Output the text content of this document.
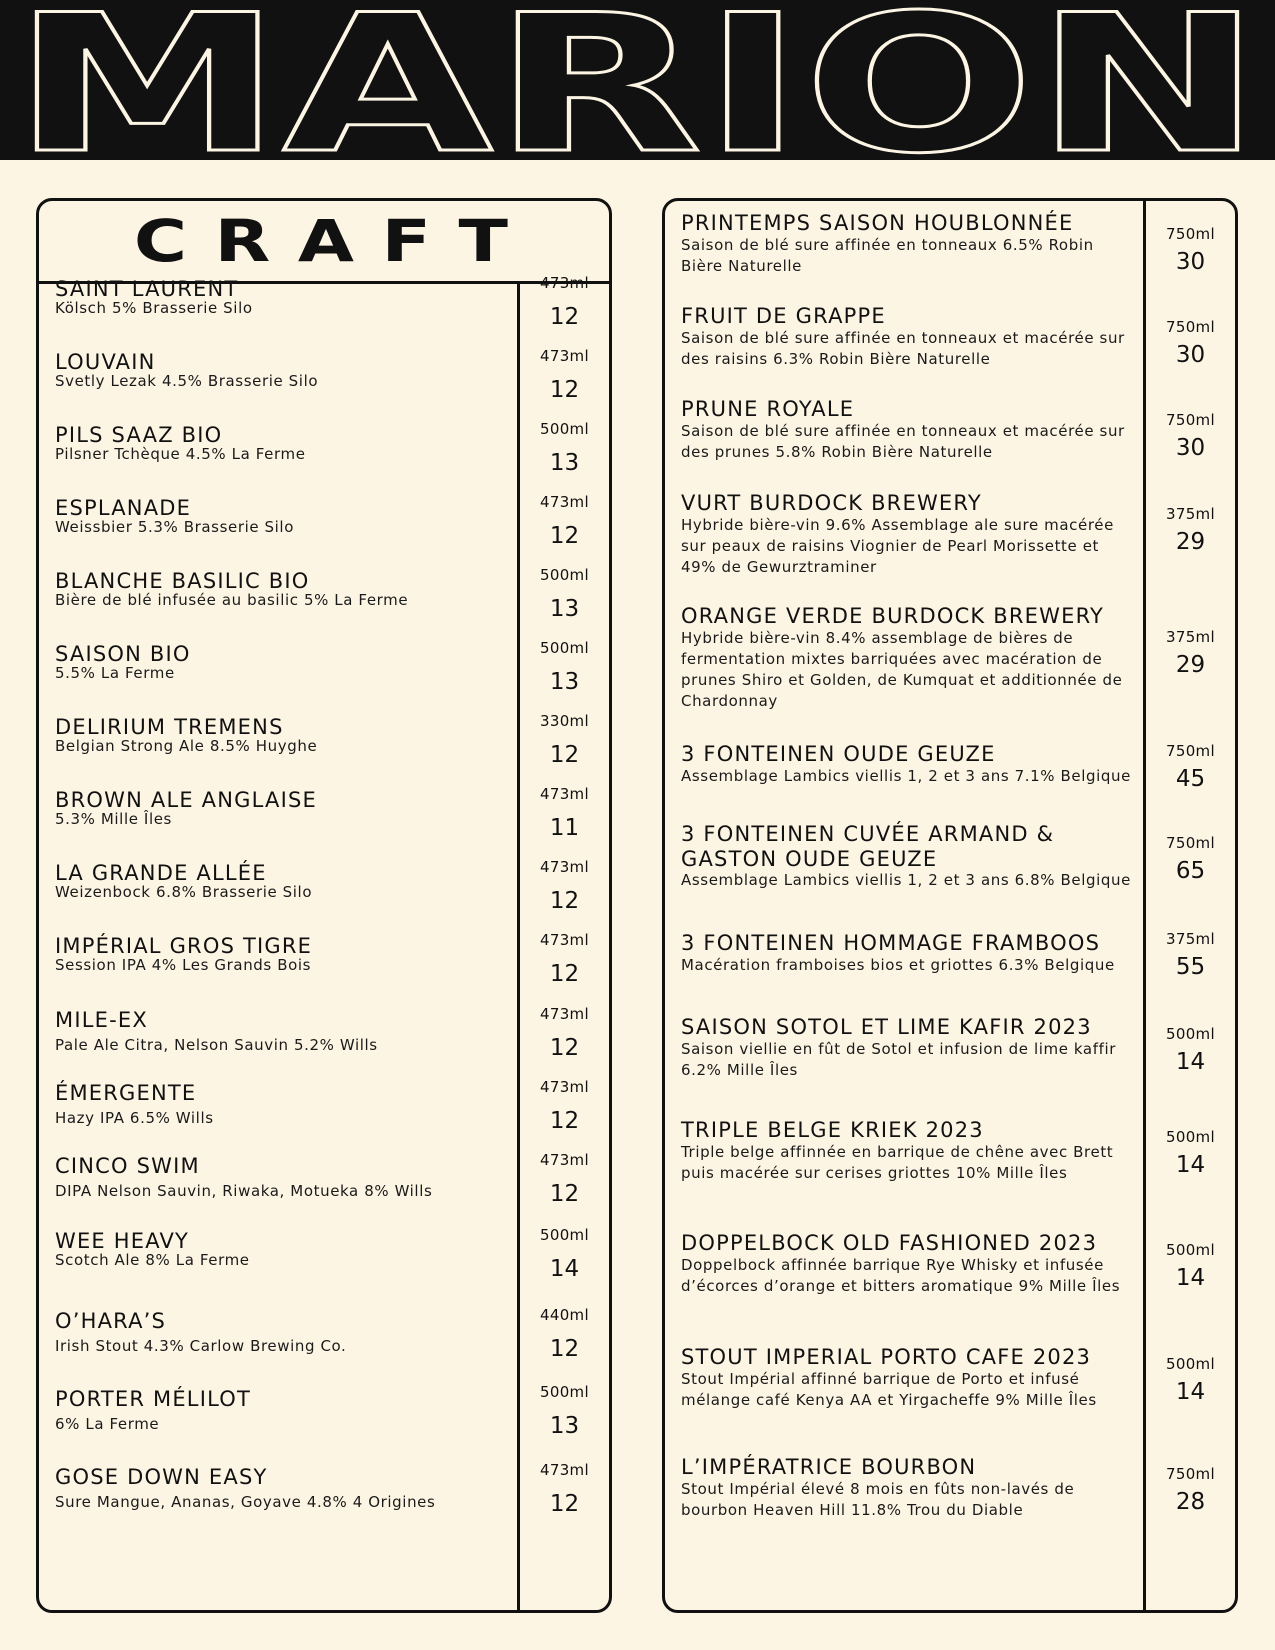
MARION
CRAFT
SAINT LAURENT
Kölsch 5% Brasserie Silo
473ml
12
LOUVAIN
Svetly Lezak 4.5% Brasserie Silo
473ml
12
PILS SAAZ BIO
Pilsner Tchèque 4.5% La Ferme
500ml
13
ESPLANADE
Weissbier 5.3% Brasserie Silo
473ml
12
BLANCHE BASILIC BIO
Bière de blé infusée au basilic 5% La Ferme
500ml
13
SAISON BIO
5.5% La Ferme
500ml
13
DELIRIUM TREMENS
Belgian Strong Ale 8.5% Huyghe
330ml
12
BROWN ALE ANGLAISE
5.3% Mille Îles
473ml
11
LA GRANDE ALLÉE
Weizenbock 6.8% Brasserie Silo
473ml
12
IMPÉRIAL GROS TIGRE
Session IPA 4% Les Grands Bois
473ml
12
MILE-EX
Pale Ale Citra, Nelson Sauvin 5.2% Wills
473ml
12
ÉMERGENTE
Hazy IPA 6.5% Wills
473ml
12
CINCO SWIM
DIPA Nelson Sauvin, Riwaka, Motueka 8% Wills
473ml
12
WEE HEAVY
Scotch Ale 8% La Ferme
500ml
14
O’HARA’S
Irish Stout 4.3% Carlow Brewing Co.
440ml
12
PORTER MÉLILOT
6% La Ferme
500ml
13
GOSE DOWN EASY
Sure Mangue, Ananas, Goyave 4.8% 4 Origines
473ml
12
PRINTEMPS SAISON HOUBLONNÉE
Saison de blé sure affinée en tonneaux 6.5% Robin Bière Naturelle
750ml
30
FRUIT DE GRAPPE
Saison de blé sure affinée en tonneaux et macérée sur des raisins 6.3% Robin Bière Naturelle
750ml
30
PRUNE ROYALE
Saison de blé sure affinée en tonneaux et macérée sur des prunes 5.8% Robin Bière Naturelle
750ml
30
VURT BURDOCK BREWERY
Hybride bière-vin 9.6% Assemblage ale sure macérée sur peaux de raisins Viognier de Pearl Morissette et 49% de Gewurztraminer
375ml
29
ORANGE VERDE BURDOCK BREWERY
Hybride bière-vin 8.4% assemblage de bières de fermentation mixtes barriquées avec macération de prunes Shiro et Golden, de Kumquat et additionnée de Chardonnay
375ml
29
3 FONTEINEN OUDE GEUZE
Assemblage Lambics viellis 1, 2 et 3 ans 7.1% Belgique
750ml
45
3 FONTEINEN CUVÉE ARMAND & GASTON OUDE GEUZE
Assemblage Lambics viellis 1, 2 et 3 ans 6.8% Belgique
750ml
65
3 FONTEINEN HOMMAGE FRAMBOOS
Macération framboises bios et griottes 6.3% Belgique
375ml
55
SAISON SOTOL ET LIME KAFIR 2023
Saison viellie en fût de Sotol et infusion de lime kaffir 6.2% Mille Îles
500ml
14
TRIPLE BELGE KRIEK 2023
Triple belge affinnée en barrique de chêne avec Brett puis macérée sur cerises griottes 10% Mille Îles
500ml
14
DOPPELBOCK OLD FASHIONED 2023
Doppelbock affinnée barrique Rye Whisky et infusée d’écorces d’orange et bitters aromatique 9% Mille Îles
500ml
14
STOUT IMPERIAL PORTO CAFE 2023
Stout Impérial affinné barrique de Porto et infusé mélange café Kenya AA et Yirgacheffe 9% Mille Îles
500ml
14
L’IMPÉRATRICE BOURBON
Stout Impérial élevé 8 mois en fûts non-lavés de bourbon Heaven Hill 11.8% Trou du Diable
750ml
28
